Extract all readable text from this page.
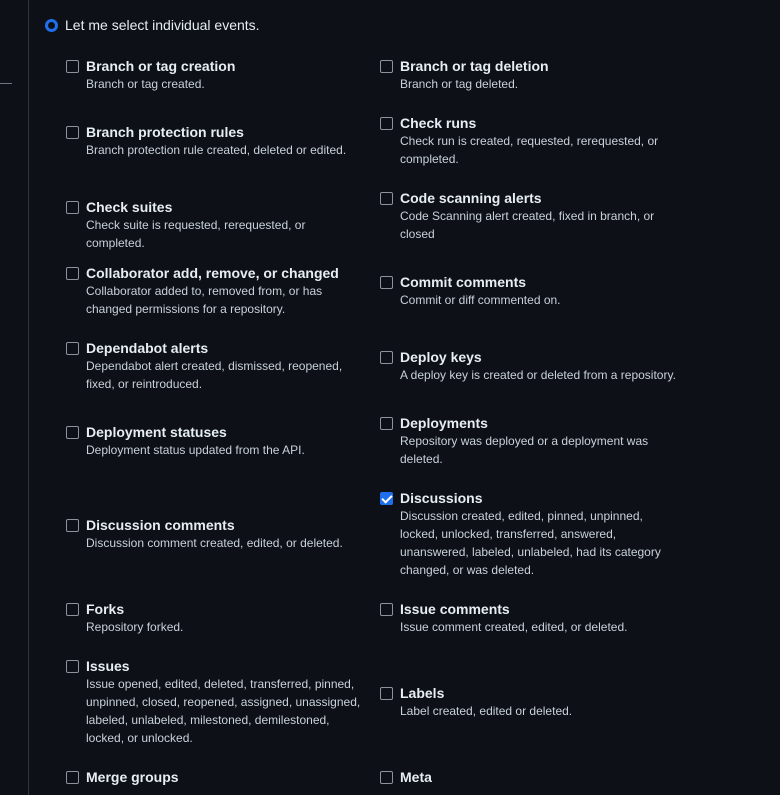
Let me select individual events.
Branch or tag creation
Branch or tag created.
Branch or tag deletion
Branch or tag deleted.
Branch protection rules
Branch protection rule created, deleted or edited.
Check runs
Check run is created, requested, rerequested, or
completed.
Check suites
Check suite is requested, rerequested, or completed.
Code scanning alerts
Code Scanning alert created, fixed in branch, or
closed
Collaborator add, remove, or changed
Collaborator added to, removed from, or has
changed permissions for a repository.
Commit comments
Commit or diff commented on.
Dependabot alerts
Dependabot alert created, dismissed, reopened,
fixed, or reintroduced.
Deploy keys
A deploy key is created or deleted from a repository.
Deployment statuses
Deployment status updated from the API.
Deployments
Repository was deployed or a deployment was
deleted.
Discussion comments
Discussion comment created, edited, or deleted.
Discussions
Discussion created, edited, pinned, unpinned,
locked, unlocked, transferred, answered,
unanswered, labeled, unlabeled, had its category
changed, or was deleted.
Forks
Repository forked.
Issue comments
Issue comment created, edited, or deleted.
Issues
Issue opened, edited, deleted, transferred, pinned,
unpinned, closed, reopened, assigned, unassigned,
labeled, unlabeled, milestoned, demilestoned,
locked, or unlocked.
Labels
Label created, edited or deleted.
Merge groups	Meta
